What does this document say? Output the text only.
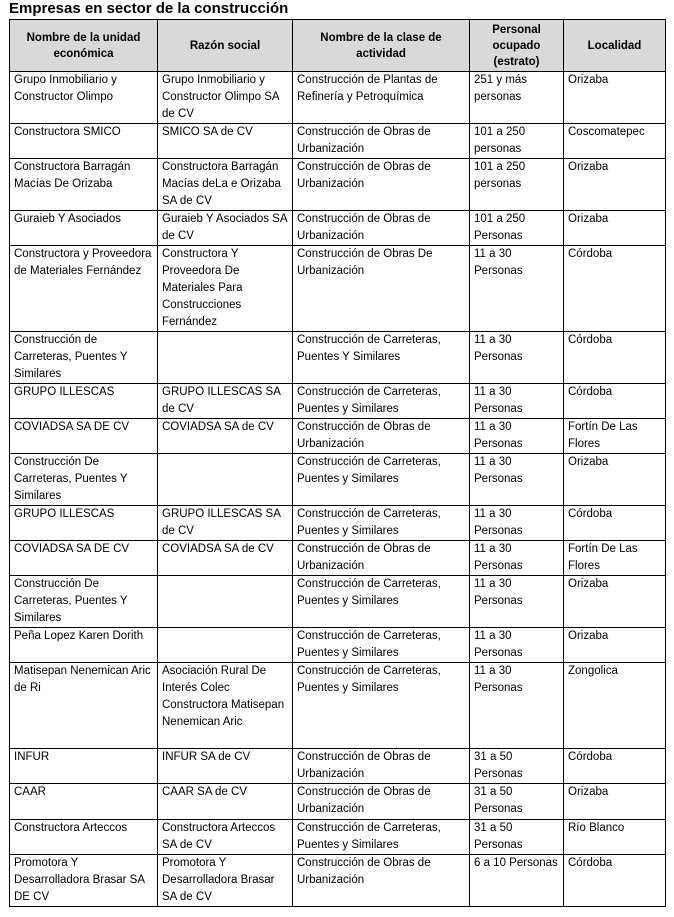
Empresas en sector de la construcción
Nombre de la unidad económica	Razón social	Nombre de la clase de actividad	Personal ocupado (estrato)	Localidad
Grupo Inmobiliario y Constructor Olimpo	Grupo Inmobiliario y Constructor Olimpo SA de CV	Construcción de Plantas de Refinería y Petroquímica	251 y más personas	Orizaba
Constructora SMICO	SMICO SA de CV	Construcción de Obras de Urbanización	101 a 250 personas	Coscomatepec
Constructora Barragán Macías De Orizaba	Constructora Barragán Macías deLa e Orizaba SA de CV	Construcción de Obras de Urbanización	101 a 250 personas	Orizaba
Guraieb Y Asociados	Guraieb Y Asociados SA de CV	Construcción de Obras de Urbanización	101 a 250 Personas	Orizaba
Constructora y Proveedora de Materiales Fernández	Constructora Y Proveedora De Materiales Para Construcciones Fernández	Construcción de Obras De Urbanización	11 a 30 Personas	Córdoba
Construcción de Carreteras, Puentes Y Similares		Construcción de Carreteras, Puentes Y Similares	11 a 30 Personas	Córdoba
GRUPO ILLESCAS	GRUPO ILLESCAS SA de CV	Construcción de Carreteras, Puentes y Similares	11 a 30 Personas	Córdoba
COVIADSA SA DE CV	COVIADSA SA de CV	Construcción de Obras de Urbanización	11 a 30 Personas	Fortín De Las Flores
Construcción De Carreteras, Puentes Y Similares		Construcción de Carreteras, Puentes y Similares	11 a 30 Personas	Orizaba
GRUPO ILLESCAS	GRUPO ILLESCAS SA de CV	Construcción de Carreteras, Puentes y Similares	11 a 30 Personas	Córdoba
COVIADSA SA DE CV	COVIADSA SA de CV	Construcción de Obras de Urbanización	11 a 30 Personas	Fortín De Las Flores
Construcción De Carreteras, Puentes Y Similares		Construcción de Carreteras, Puentes y Similares	11 a 30 Personas	Orizaba
Peña Lopez Karen Dorith		Construcción de Carreteras, Puentes y Similares	11 a 30 Personas	Orizaba
Matisepan Nenemican Aric de Ri	Asociación Rural De Interés Colec Constructora Matisepan Nenemican Aric	Construcción de Carreteras, Puentes y Similares	11 a 30 Personas	Zongolica
INFUR	INFUR SA de CV	Construcción de Obras de Urbanización	31 a 50 Personas	Córdoba
CAAR	CAAR SA de CV	Construcción de Obras de Urbanización	31 a 50 Personas	Orizaba
Constructora Arteccos	Constructora Arteccos SA de CV	Construcción de Carreteras, Puentes y Similares	31 a 50 Personas	Río Blanco
Promotora Y Desarrolladora Brasar SA DE CV	Promotora Y Desarrolladora Brasar SA de CV	Construcción de Obras de Urbanización	6 a 10 Personas	Córdoba
